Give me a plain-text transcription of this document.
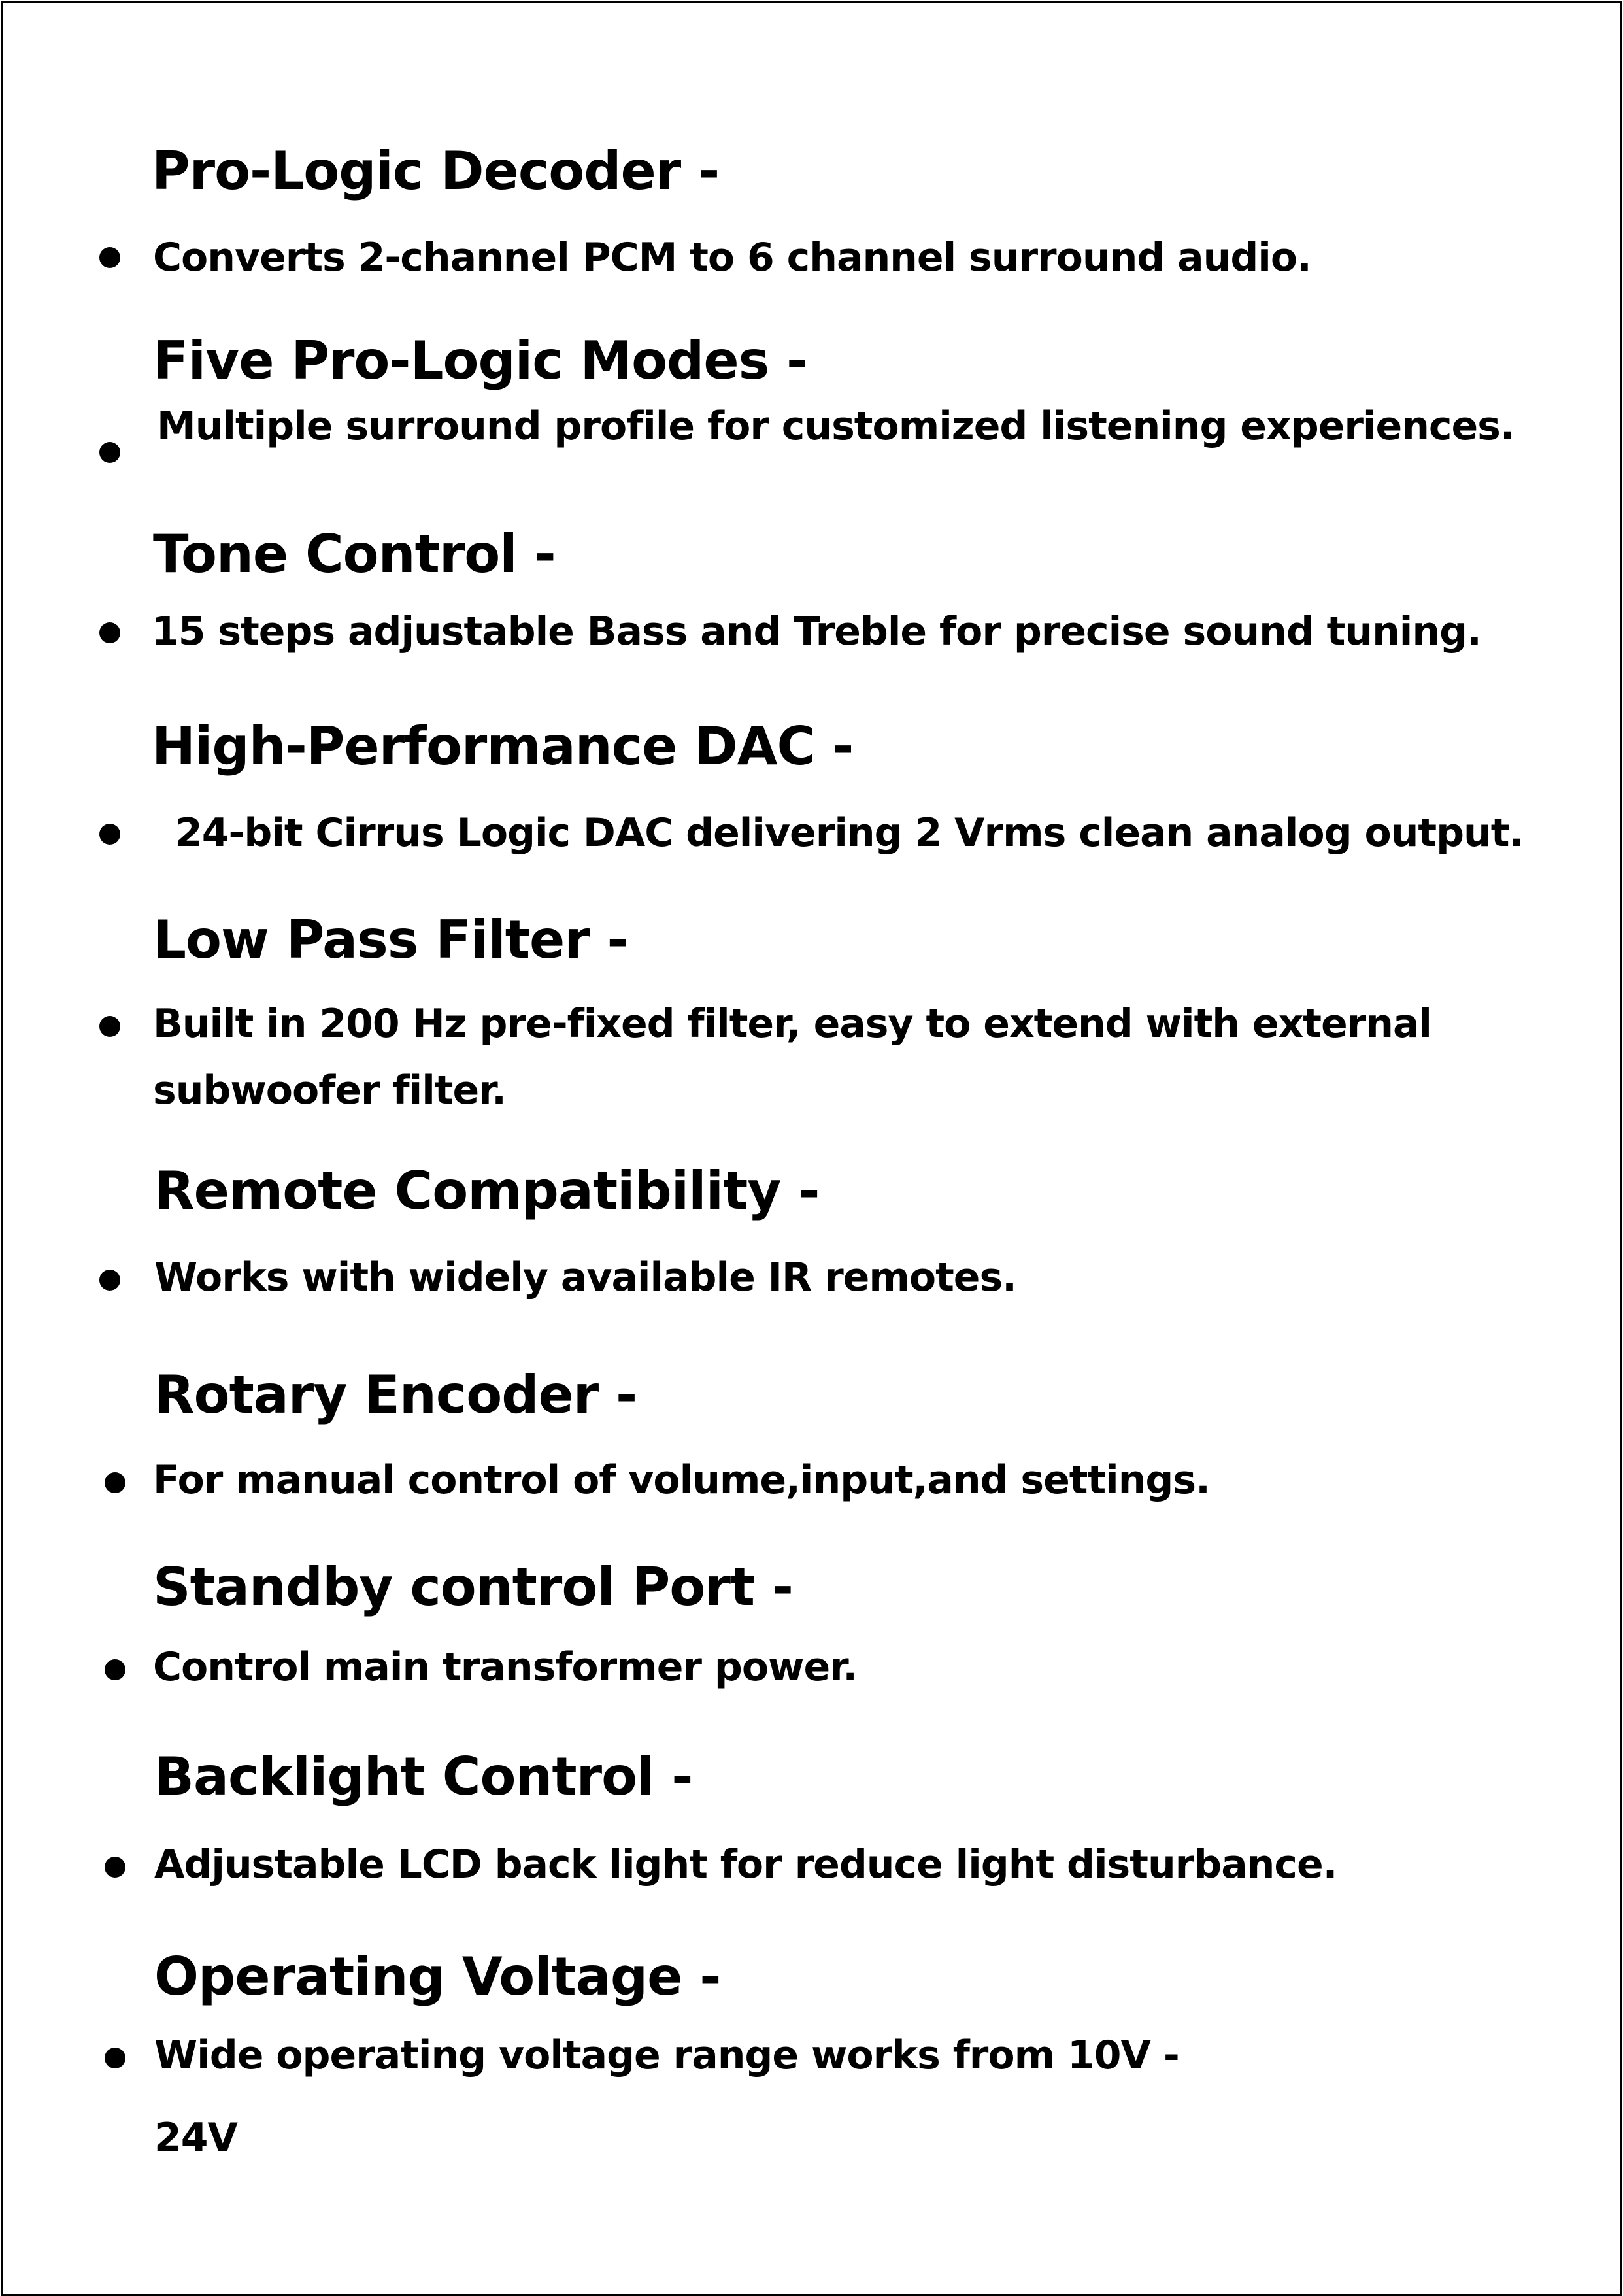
Pro-Logic Decoder -
Converts 2-channel PCM to 6 channel surround audio.
Five Pro-Logic Modes -
Multiple surround profile for customized listening experiences.
Tone Control -
15 steps adjustable Bass and Treble for precise sound tuning.
High-Performance DAC -
24-bit Cirrus Logic DAC delivering 2 Vrms clean analog output.
Low Pass Filter -
Built in 200 Hz pre-fixed filter, easy to extend with external
subwoofer filter.
Remote Compatibility -
Works with widely available IR remotes.
Rotary Encoder -
For manual control of volume,input,and settings.
Standby control Port -
Control main transformer power.
Backlight Control -
Adjustable LCD back light for reduce light disturbance.
Operating Voltage -
Wide operating voltage range works from 10V -
24V
